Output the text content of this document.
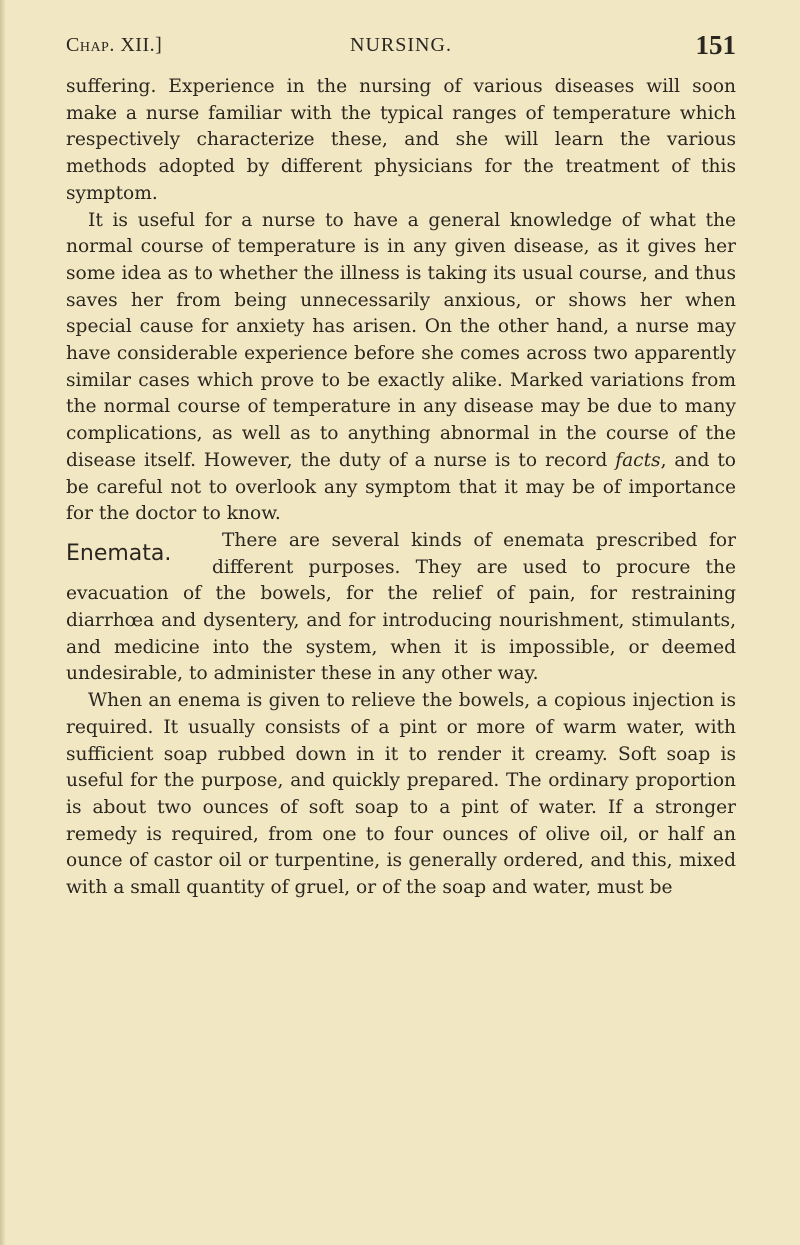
Chap. XII.]	NURSING.	151

suffering. Experience in the nursing of various diseases will soon make a nurse familiar with the typical ranges of temperature which respectively characterize these, and she will learn the various methods adopted by different physicians for the treatment of this symptom.

It is useful for a nurse to have a general knowledge of what the normal course of temperature is in any given disease, as it gives her some idea as to whether the illness is taking its usual course, and thus saves her from being unnecessarily anxious, or shows her when special cause for anxiety has arisen. On the other hand, a nurse may have considerable experience before she comes across two apparently similar cases which prove to be exactly alike. Marked variations from the normal course of temperature in any disease may be due to many complications, as well as to anything abnormal in the course of the disease itself. However, the duty of a nurse is to record facts, and to be careful not to overlook any symptom that it may be of importance for the doctor to know.

Enemata.

There are several kinds of enemata prescribed for different purposes. They are used to procure the evacuation of the bowels, for the relief of pain, for restraining diarrhœa and dysentery, and for introducing nourishment, stimulants, and medicine into the system, when it is impossible, or deemed undesirable, to administer these in any other way.

When an enema is given to relieve the bowels, a copious injection is required. It usually consists of a pint or more of warm water, with sufficient soap rubbed down in it to render it creamy. Soft soap is useful for the purpose, and quickly prepared. The ordinary proportion is about two ounces of soft soap to a pint of water. If a stronger remedy is required, from one to four ounces of olive oil, or half an ounce of castor oil or turpentine, is generally ordered, and this, mixed with a small quantity of gruel, or of the soap and water, must be
